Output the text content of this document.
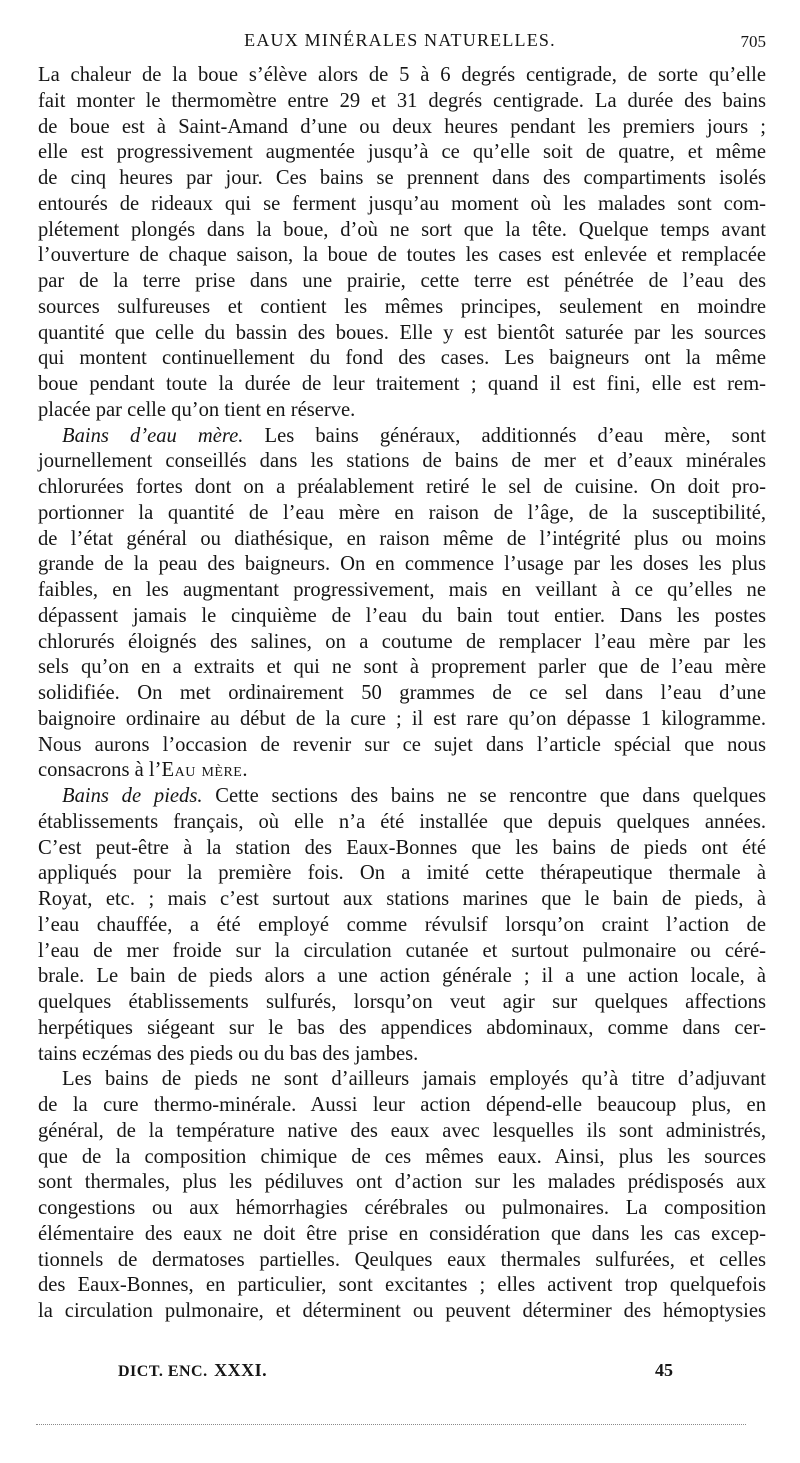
EAUX MINÉRALES NATURELLES.	705
La chaleur de la boue s’élève alors de 5 à 6 degrés centigrade, de sorte qu’elle
fait monter le thermomètre entre 29 et 31 degrés centigrade. La durée des bains
de boue est à Saint-Amand d’une ou deux heures pendant les premiers jours ;
elle est progressivement augmentée jusqu’à ce qu’elle soit de quatre, et même
de cinq heures par jour. Ces bains se prennent dans des compartiments isolés
entourés de rideaux qui se ferment jusqu’au moment où les malades sont com-
plétement plongés dans la boue, d’où ne sort que la tête. Quelque temps avant
l’ouverture de chaque saison, la boue de toutes les cases est enlevée et remplacée
par de la terre prise dans une prairie, cette terre est pénétrée de l’eau des
sources sulfureuses et contient les mêmes principes, seulement en moindre
quantité que celle du bassin des boues. Elle y est bientôt saturée par les sources
qui montent continuellement du fond des cases. Les baigneurs ont la même
boue pendant toute la durée de leur traitement ; quand il est fini, elle est rem-
placée par celle qu’on tient en réserve.
Bains d’eau mère. Les bains généraux, additionnés d’eau mère, sont
journellement conseillés dans les stations de bains de mer et d’eaux minérales
chlorurées fortes dont on a préalablement retiré le sel de cuisine. On doit pro-
portionner la quantité de l’eau mère en raison de l’âge, de la susceptibilité,
de l’état général ou diathésique, en raison même de l’intégrité plus ou moins
grande de la peau des baigneurs. On en commence l’usage par les doses les plus
faibles, en les augmentant progressivement, mais en veillant à ce qu’elles ne
dépassent jamais le cinquième de l’eau du bain tout entier. Dans les postes
chlorurés éloignés des salines, on a coutume de remplacer l’eau mère par les
sels qu’on en a extraits et qui ne sont à proprement parler que de l’eau mère
solidifiée. On met ordinairement 50 grammes de ce sel dans l’eau d’une
baignoire ordinaire au début de la cure ; il est rare qu’on dépasse 1 kilogramme.
Nous aurons l’occasion de revenir sur ce sujet dans l’article spécial que nous
consacrons à l’Eau mère.
Bains de pieds. Cette sections des bains ne se rencontre que dans quelques
établissements français, où elle n’a été installée que depuis quelques années.
C’est peut-être à la station des Eaux-Bonnes que les bains de pieds ont été
appliqués pour la première fois. On a imité cette thérapeutique thermale à
Royat, etc. ; mais c’est surtout aux stations marines que le bain de pieds, à
l’eau chauffée, a été employé comme révulsif lorsqu’on craint l’action de
l’eau de mer froide sur la circulation cutanée et surtout pulmonaire ou céré-
brale. Le bain de pieds alors a une action générale ; il a une action locale, à
quelques établissements sulfurés, lorsqu’on veut agir sur quelques affections
herpétiques siégeant sur le bas des appendices abdominaux, comme dans cer-
tains eczémas des pieds ou du bas des jambes.
Les bains de pieds ne sont d’ailleurs jamais employés qu’à titre d’adjuvant
de la cure thermo-minérale. Aussi leur action dépend-elle beaucoup plus, en
général, de la température native des eaux avec lesquelles ils sont administrés,
que de la composition chimique de ces mêmes eaux. Ainsi, plus les sources
sont thermales, plus les pédiluves ont d’action sur les malades prédisposés aux
congestions ou aux hémorrhagies cérébrales ou pulmonaires. La composition
élémentaire des eaux ne doit être prise en considération que dans les cas excep-
tionnels de dermatoses partielles. Qeulques eaux thermales sulfurées, et celles
des Eaux-Bonnes, en particulier, sont excitantes ; elles activent trop quelquefois
la circulation pulmonaire, et déterminent ou peuvent déterminer des hémoptysies
DICT. ENC. XXXI.	45
